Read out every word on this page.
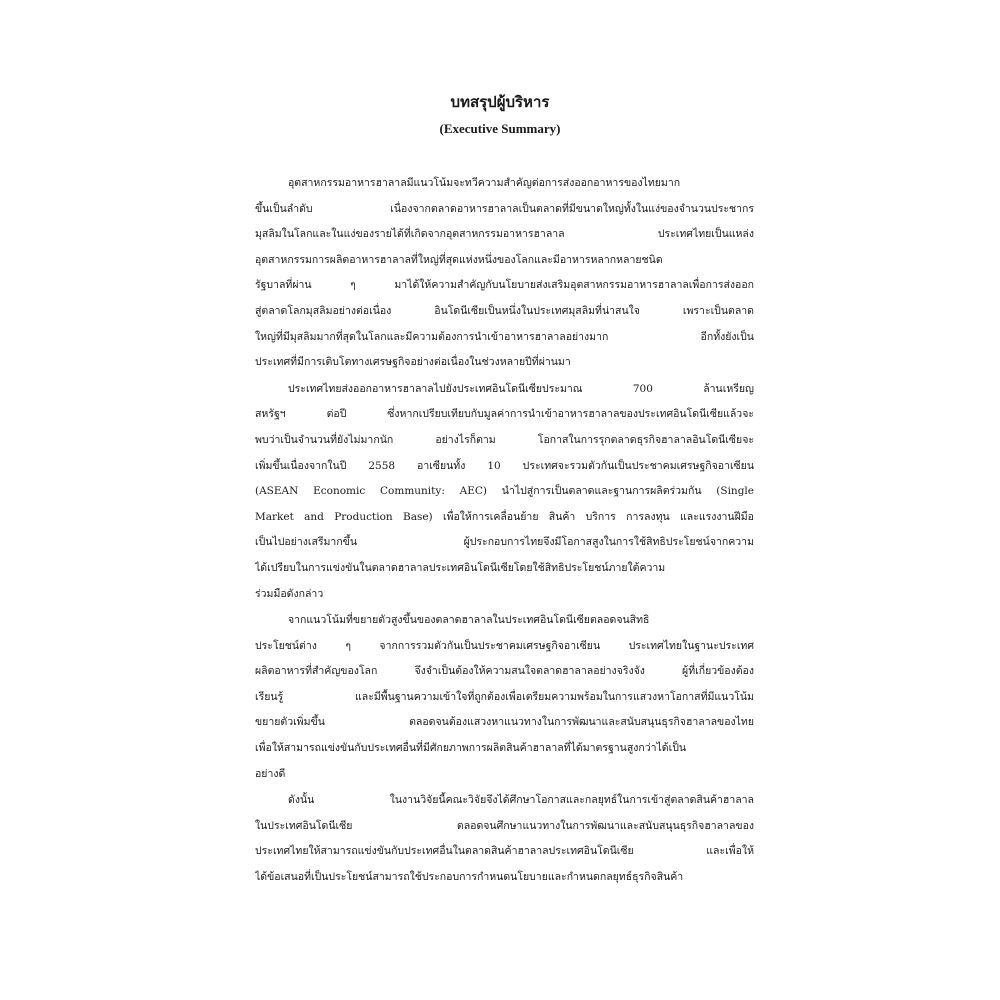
บทสรุปผู้บริหาร
(Executive Summary)
อุตสาหกรรมอาหารฮาลาลมีแนวโน้มจะทวีความสำคัญต่อการส่งออกอาหารของไทยมาก
ขึ้นเป็นลำดับ เนื่องจากตลาดอาหารฮาลาลเป็นตลาดที่มีขนาดใหญ่ทั้งในแง่ของจำนวนประชากร
มุสลิมในโลกและในแง่ของรายได้ที่เกิดจากอุตสาหกรรมอาหารฮาลาล ประเทศไทยเป็นแหล่ง
อุตสาหกรรมการผลิตอาหารฮาลาลที่ใหญ่ที่สุดแห่งหนึ่งของโลกและมีอาหารหลากหลายชนิด
รัฐบาลที่ผ่าน ๆ มาได้ให้ความสำคัญกับนโยบายส่งเสริมอุตสาหกรรมอาหารฮาลาลเพื่อการส่งออก
สู่ตลาดโลกมุสลิมอย่างต่อเนื่อง อินโดนีเซียเป็นหนึ่งในประเทศมุสลิมที่น่าสนใจ เพราะเป็นตลาด
ใหญ่ที่มีมุสลิมมากที่สุดในโลกและมีความต้องการนำเข้าอาหารฮาลาลอย่างมาก อีกทั้งยังเป็น
ประเทศที่มีการเติบโตทางเศรษฐกิจอย่างต่อเนื่องในช่วงหลายปีที่ผ่านมา
ประเทศไทยส่งออกอาหารฮาลาลไปยังประเทศอินโดนีเซียประมาณ 700 ล้านเหรียญ
สหรัฐฯ ต่อปี ซึ่งหากเปรียบเทียบกับมูลค่าการนำเข้าอาหารฮาลาลของประเทศอินโดนีเซียแล้วจะ
พบว่าเป็นจำนวนที่ยังไม่มากนัก อย่างไรก็ตาม โอกาสในการรุกตลาดธุรกิจฮาลาลอินโดนีเซียจะ
เพิ่มขึ้นเนื่องจากในปี 2558 อาเซียนทั้ง 10 ประเทศจะรวมตัวกันเป็นประชาคมเศรษฐกิจอาเซียน
(ASEAN Economic Community: AEC) นำไปสู่การเป็นตลาดและฐานการผลิตร่วมกัน (Single
Market and Production Base) เพื่อให้การเคลื่อนย้าย สินค้า บริการ การลงทุน และแรงงานฝีมือ
เป็นไปอย่างเสรีมากขึ้น ผู้ประกอบการไทยจึงมีโอกาสสูงในการใช้สิทธิประโยชน์จากความ
ได้เปรียบในการแข่งขันในตลาดฮาลาลประเทศอินโดนีเซียโดยใช้สิทธิประโยชน์ภายใต้ความ
ร่วมมือดังกล่าว
จากแนวโน้มที่ขยายตัวสูงขึ้นของตลาดฮาลาลในประเทศอินโดนีเซียตลอดจนสิทธิ
ประโยชน์ต่าง ๆ จากการรวมตัวกันเป็นประชาคมเศรษฐกิจอาเซียน ประเทศไทยในฐานะประเทศ
ผลิตอาหารที่สำคัญของโลก จึงจำเป็นต้องให้ความสนใจตลาดฮาลาลอย่างจริงจัง ผู้ที่เกี่ยวข้องต้อง
เรียนรู้ และมีพื้นฐานความเข้าใจที่ถูกต้องเพื่อเตรียมความพร้อมในการแสวงหาโอกาสที่มีแนวโน้ม
ขยายตัวเพิ่มขึ้น ตลอดจนต้องแสวงหาแนวทางในการพัฒนาและสนับสนุนธุรกิจฮาลาลของไทย
เพื่อให้สามารถแข่งขันกับประเทศอื่นที่มีศักยภาพการผลิตสินค้าฮาลาลที่ได้มาตรฐานสูงกว่าได้เป็น
อย่างดี
ดังนั้น ในงานวิจัยนี้คณะวิจัยจึงได้ศึกษาโอกาสและกลยุทธ์ในการเข้าสู่ตลาดสินค้าฮาลาล
ในประเทศอินโดนีเซีย ตลอดจนศึกษาแนวทางในการพัฒนาและสนับสนุนธุรกิจฮาลาลของ
ประเทศไทยให้สามารถแข่งขันกับประเทศอื่นในตลาดสินค้าฮาลาลประเทศอินโดนีเซีย และเพื่อให้
ได้ข้อเสนอที่เป็นประโยชน์สามารถใช้ประกอบการกำหนดนโยบายและกำหนดกลยุทธ์ธุรกิจสินค้า
